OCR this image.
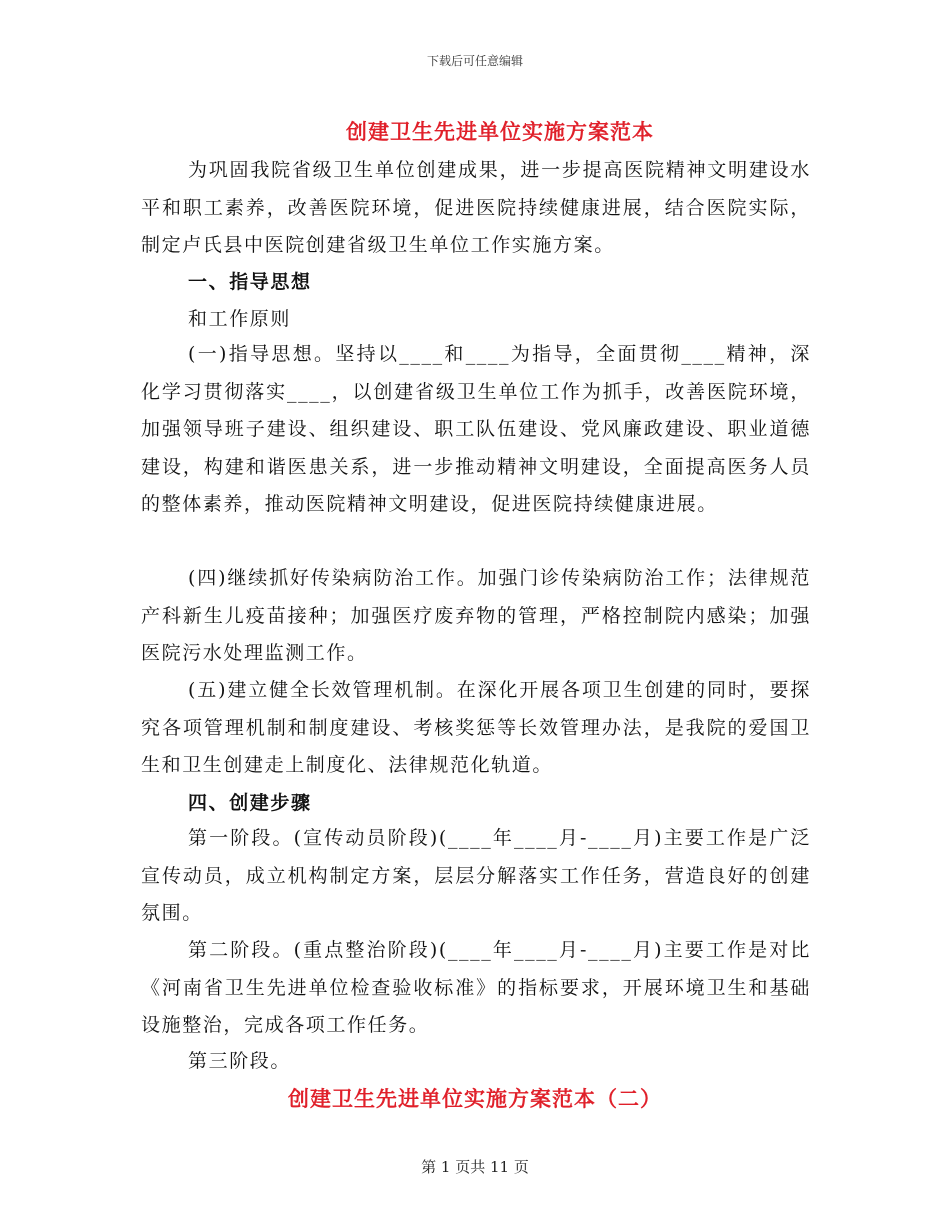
下载后可任意编辑
创建卫生先进单位实施方案范本

为巩固我院省级卫生单位创建成果，进一步提高医院精神文明建设水平和职工素养，改善医院环境，促进医院持续健康进展，结合医院实际，制定卢氏县中医院创建省级卫生单位工作实施方案。

一、指导思想
和工作原则

(一)指导思想。坚持以____和____为指导，全面贯彻____精神，深化学习贯彻落实____，以创建省级卫生单位工作为抓手，改善医院环境，加强领导班子建设、组织建设、职工队伍建设、党风廉政建设、职业道德建设，构建和谐医患关系，进一步推动精神文明建设，全面提高医务人员的整体素养，推动医院精神文明建设，促进医院持续健康进展。

(四)继续抓好传染病防治工作。加强门诊传染病防治工作；法律规范产科新生儿疫苗接种；加强医疗废弃物的管理，严格控制院内感染；加强医院污水处理监测工作。

(五)建立健全长效管理机制。在深化开展各项卫生创建的同时，要探究各项管理机制和制度建设、考核奖惩等长效管理办法，是我院的爱国卫生和卫生创建走上制度化、法律规范化轨道。

四、创建步骤

第一阶段。(宣传动员阶段)(____年____月-____月)主要工作是广泛宣传动员，成立机构制定方案，层层分解落实工作任务，营造良好的创建氛围。

第二阶段。(重点整治阶段)(____年____月-____月)主要工作是对比《河南省卫生先进单位检查验收标准》的指标要求，开展环境卫生和基础设施整治，完成各项工作任务。

第三阶段。
创建卫生先进单位实施方案范本（二）
第 1 页共 11 页
